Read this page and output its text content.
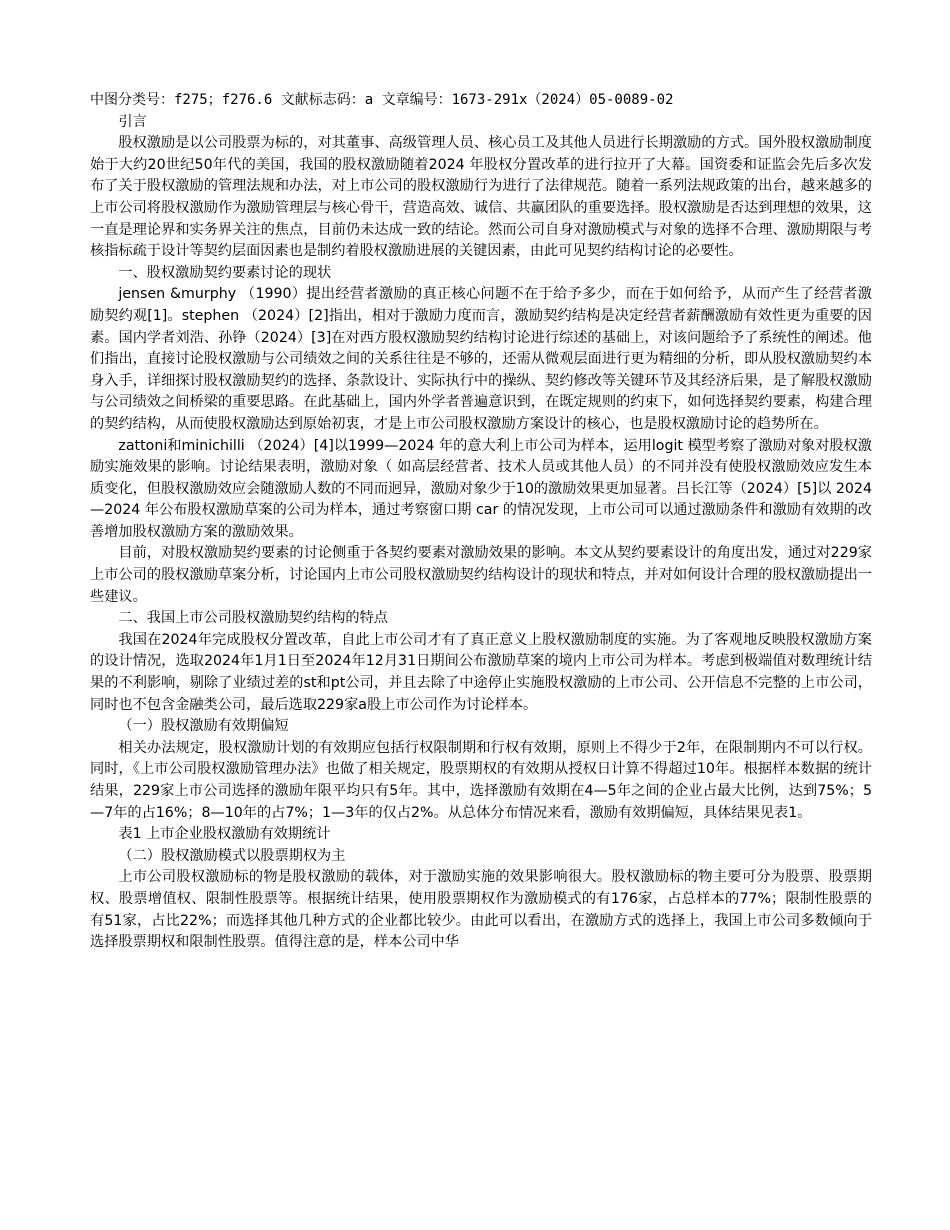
中图分类号：f275；f276.6 文献标志码：a 文章编号：1673-291x（2024）05-0089-02

引言

股权激励是以公司股票为标的，对其董事、高级管理人员、核心员工及其他人员进行长期激励的方式。国外股权激励制度始于大约20世纪50年代的美国，我国的股权激励随着2024 年股权分置改革的进行拉开了大幕。国资委和证监会先后多次发布了关于股权激励的管理法规和办法，对上市公司的股权激励行为进行了法律规范。随着一系列法规政策的出台，越来越多的上市公司将股权激励作为激励管理层与核心骨干，营造高效、诚信、共赢团队的重要选择。股权激励是否达到理想的效果，这一直是理论界和实务界关注的焦点，目前仍未达成一致的结论。然而公司自身对激励模式与对象的选择不合理、激励期限与考核指标疏于设计等契约层面因素也是制约着股权激励进展的关键因素，由此可见契约结构讨论的必要性。

一、股权激励契约要素讨论的现状

jensen &murphy （1990）提出经营者激励的真正核心问题不在于给予多少，而在于如何给予，从而产生了经营者激励契约观[1]。stephen （2024）[2]指出，相对于激励力度而言，激励契约结构是决定经营者薪酬激励有效性更为重要的因素。国内学者刘浩、孙铮（2024）[3]在对西方股权激励契约结构讨论进行综述的基础上，对该问题给予了系统性的阐述。他们指出，直接讨论股权激励与公司绩效之间的关系往往是不够的，还需从微观层面进行更为精细的分析，即从股权激励契约本身入手，详细探讨股权激励契约的选择、条款设计、实际执行中的操纵、契约修改等关键环节及其经济后果，是了解股权激励与公司绩效之间桥梁的重要思路。在此基础上，国内外学者普遍意识到，在既定规则的约束下，如何选择契约要素，构建合理的契约结构，从而使股权激励达到原始初衷，才是上市公司股权激励方案设计的核心，也是股权激励讨论的趋势所在。

zattoni和minichilli （2024）[4]以1999—2024 年的意大利上市公司为样本，运用logit 模型考察了激励对象对股权激励实施效果的影响。讨论结果表明，激励对象（ 如高层经营者、技术人员或其他人员）的不同并没有使股权激励效应发生本质变化，但股权激励效应会随激励人数的不同而迥异，激励对象少于10的激励效果更加显著。吕长江等（2024）[5]以 2024—2024 年公布股权激励草案的公司为样本，通过考察窗口期 car 的情况发现，上市公司可以通过激励条件和激励有效期的改善增加股权激励方案的激励效果。

目前，对股权激励契约要素的讨论侧重于各契约要素对激励效果的影响。本文从契约要素设计的角度出发，通过对229家上市公司的股权激励草案分析，讨论国内上市公司股权激励契约结构设计的现状和特点，并对如何设计合理的股权激励提出一些建议。

二、我国上市公司股权激励契约结构的特点

我国在2024年完成股权分置改革，自此上市公司才有了真正意义上股权激励制度的实施。为了客观地反映股权激励方案的设计情况，选取2024年1月1日至2024年12月31日期间公布激励草案的境内上市公司为样本。考虑到极端值对数理统计结果的不利影响，剔除了业绩过差的st和pt公司，并且去除了中途停止实施股权激励的上市公司、公开信息不完整的上市公司，同时也不包含金融类公司，最后选取229家a股上市公司作为讨论样本。

（一）股权激励有效期偏短

相关办法规定，股权激励计划的有效期应包括行权限制期和行权有效期，原则上不得少于2年，在限制期内不可以行权。同时，《上市公司股权激励管理办法》也做了相关规定，股票期权的有效期从授权日计算不得超过10年。根据样本数据的统计结果，229家上市公司选择的激励年限平均只有5年。其中，选择激励有效期在4—5年之间的企业占最大比例，达到75%；5—7年的占16%；8—10年的占7%；1—3年的仅占2%。从总体分布情况来看，激励有效期偏短，具体结果见表1。

表1 上市企业股权激励有效期统计

（二）股权激励模式以股票期权为主

上市公司股权激励标的物是股权激励的载体，对于激励实施的效果影响很大。股权激励标的物主要可分为股票、股票期权、股票增值权、限制性股票等。根据统计结果，使用股票期权作为激励模式的有176家，占总样本的77%；限制性股票的有51家，占比22%；而选择其他几种方式的企业都比较少。由此可以看出，在激励方式的选择上，我国上市公司多数倾向于选择股票期权和限制性股票。值得注意的是，样本公司中华
